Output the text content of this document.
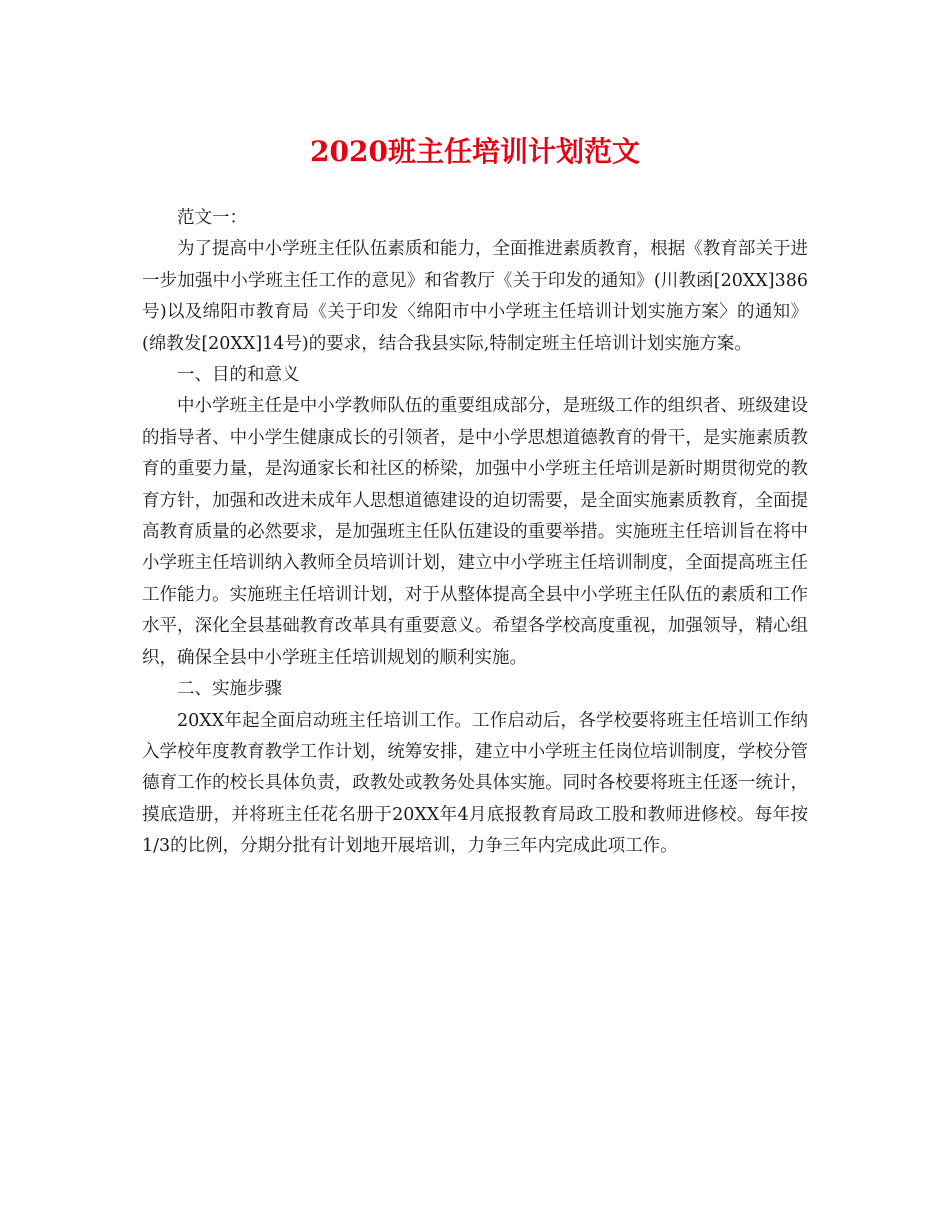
2020班主任培训计划范文

范文一：

为了提高中小学班主任队伍素质和能力，全面推进素质教育，根据《教育部关于进一步加强中小学班主任工作的意见》和省教厅《关于印发的通知》(川教函[20XX]386号)以及绵阳市教育局《关于印发〈绵阳市中小学班主任培训计划实施方案〉的通知》(绵教发[20XX]14号)的要求，结合我县实际,特制定班主任培训计划实施方案。

一、目的和意义

中小学班主任是中小学教师队伍的重要组成部分，是班级工作的组织者、班级建设的指导者、中小学生健康成长的引领者，是中小学思想道德教育的骨干，是实施素质教育的重要力量，是沟通家长和社区的桥梁，加强中小学班主任培训是新时期贯彻党的教育方针，加强和改进未成年人思想道德建设的迫切需要，是全面实施素质教育，全面提高教育质量的必然要求，是加强班主任队伍建设的重要举措。实施班主任培训旨在将中小学班主任培训纳入教师全员培训计划，建立中小学班主任培训制度，全面提高班主任工作能力。实施班主任培训计划，对于从整体提高全县中小学班主任队伍的素质和工作水平，深化全县基础教育改革具有重要意义。希望各学校高度重视，加强领导，精心组织，确保全县中小学班主任培训规划的顺利实施。

二、实施步骤

20XX年起全面启动班主任培训工作。工作启动后，各学校要将班主任培训工作纳入学校年度教育教学工作计划，统筹安排，建立中小学班主任岗位培训制度，学校分管德育工作的校长具体负责，政教处或教务处具体实施。同时各校要将班主任逐一统计，摸底造册，并将班主任花名册于20XX年4月底报教育局政工股和教师进修校。每年按1/3的比例，分期分批有计划地开展培训，力争三年内完成此项工作。
